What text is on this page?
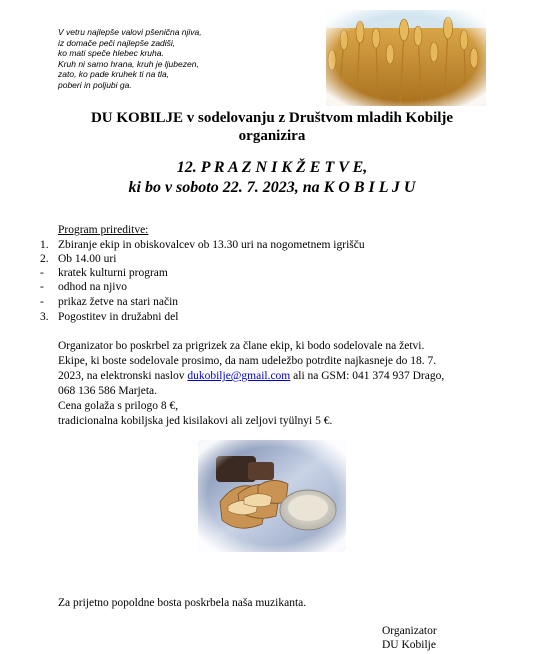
V vetru najlepše valovi pšenična njiva,
iz domače peči najlepše zadiši,
ko mati speče hlebec kruha.
Kruh ni samo hrana, kruh je ljubezen,
zato, ko pade kruhek ti na tla,
poberi in poljubi ga.
DU KOBILJE v sodelovanju z Društvom mladih Kobilje
organizira
12. P R A Z N I K Ž E T V E,
ki bo v soboto 22. 7. 2023, na K O B I L J U
Program prireditve:
1. Zbiranje ekip in obiskovalcev ob 13.30 uri na nogometnem igrišču
2. Ob 14.00 uri
- kratek kulturni program
- odhod na njivo
- prikaz žetve na stari način
3. Pogostitev in družabni del
Organizator bo poskrbel za prigrizek za člane ekip, ki bodo sodelovale na žetvi.
Ekipe, ki boste sodelovale prosimo, da nam udeležbo potrdite najkasneje do 18. 7.
2023, na elektronski naslov dukobilje@gmail.com ali na GSM: 041 374 937 Drago,
068 136 586 Marjeta.
Cena golaža s prilogo 8 €,
tradicionalna kobiljska jed kisilakovi ali zeljovi tyülnyi 5 €.
Za prijetno popoldne bosta poskrbela naša muzikanta.
Organizator
DU Kobilje
